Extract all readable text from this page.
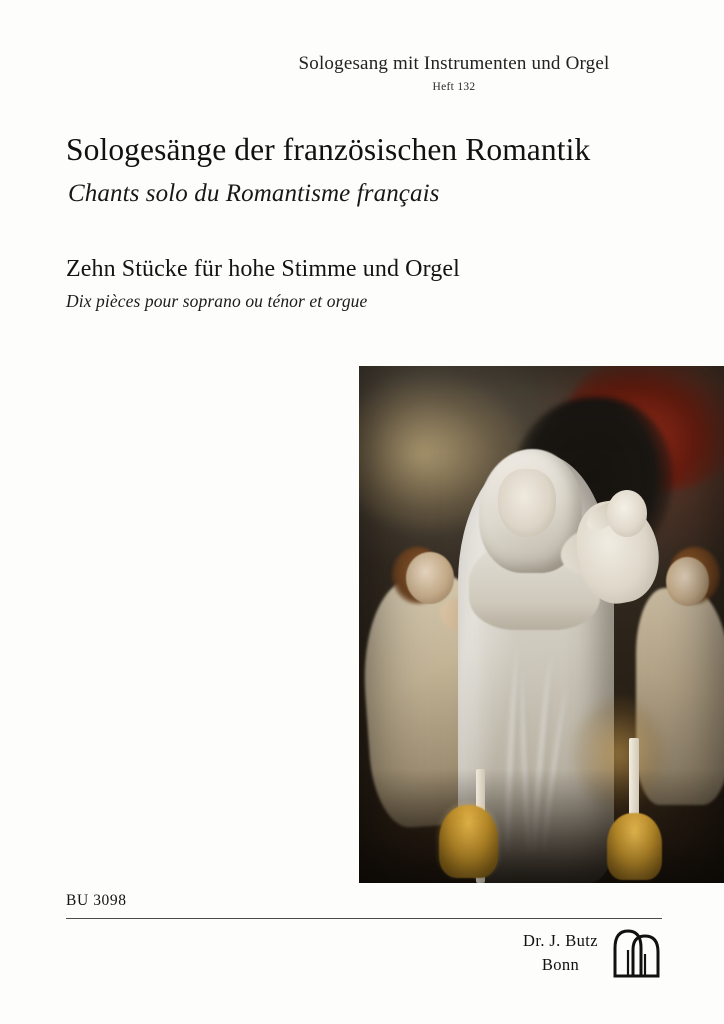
Sologesang mit Instrumenten und Orgel
Heft 132
Sologesänge der französischen Romantik
Chants solo du Romantisme français
Zehn Stücke für hohe Stimme und Orgel
Dix pièces pour soprano ou ténor et orgue
BU 3098
Dr. J. Butz
Bonn
